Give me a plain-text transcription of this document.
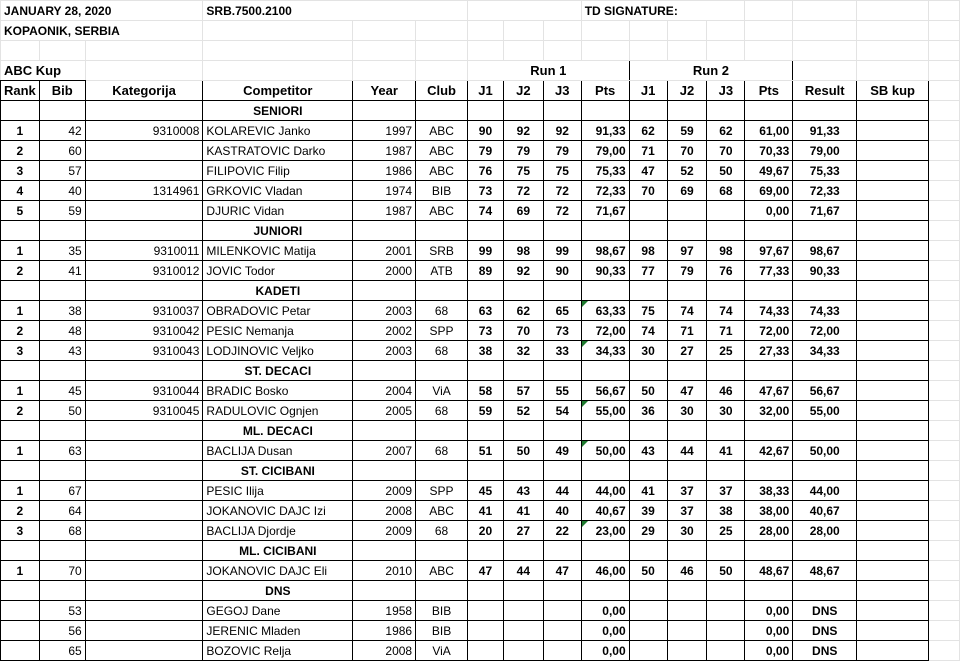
JANUARY 28, 2020			SRB.7500.2100						TD SIGNATURE:							
KOPAONIK, SERBIA																

ABC Kup						Run 1				Run 2						
Rank	Bib	Kategorija	Competitor	Year	Club	J1	J2	J3	Pts	J1	J2	J3	Pts	Result	SB kup	
			SENIORI													
1	42	9310008	KOLAREVIC Janko	1997	ABC	90	92	92	91,33	62	59	62	61,00	91,33		
2	60		KASTRATOVIC Darko	1987	ABC	79	79	79	79,00	71	70	70	70,33	79,00		
3	57		FILIPOVIC Filip	1986	ABC	76	75	75	75,33	47	52	50	49,67	75,33		
4	40	1314961	GRKOVIC Vladan	1974	BIB	73	72	72	72,33	70	69	68	69,00	72,33		
5	59		DJURIC Vidan	1987	ABC	74	69	72	71,67				0,00	71,67		
			JUNIORI													
1	35	9310011	MILENKOVIC Matija	2001	SRB	99	98	99	98,67	98	97	98	97,67	98,67		
2	41	9310012	JOVIC Todor	2000	ATB	89	92	90	90,33	77	79	76	77,33	90,33		
			KADETI													
1	38	9310037	OBRADOVIC Petar	2003	68	63	62	65	63,33	75	74	74	74,33	74,33		
2	48	9310042	PESIC Nemanja	2002	SPP	73	70	73	72,00	74	71	71	72,00	72,00		
3	43	9310043	LODJINOVIC Veljko	2003	68	38	32	33	34,33	30	27	25	27,33	34,33		
			ST. DECACI													
1	45	9310044	BRADIC Bosko	2004	ViA	58	57	55	56,67	50	47	46	47,67	56,67		
2	50	9310045	RADULOVIC Ognjen	2005	68	59	52	54	55,00	36	30	30	32,00	55,00		
			ML. DECACI													
1	63		BACLIJA Dusan	2007	68	51	50	49	50,00	43	44	41	42,67	50,00		
			ST. CICIBANI													
1	67		PESIC Ilija	2009	SPP	45	43	44	44,00	41	37	37	38,33	44,00		
2	64		JOKANOVIC DAJC Izi	2008	ABC	41	41	40	40,67	39	37	38	38,00	40,67		
3	68		BACLIJA Djordje	2009	68	20	27	22	23,00	29	30	25	28,00	28,00		
			ML. CICIBANI													
1	70		JOKANOVIC DAJC Eli	2010	ABC	47	44	47	46,00	50	46	50	48,67	48,67		
			DNS													
	53		GEGOJ Dane	1958	BIB				0,00				0,00	DNS		
	56		JERENIC Mladen	1986	BIB				0,00				0,00	DNS		
	65		BOZOVIC Relja	2008	ViA				0,00				0,00	DNS		
